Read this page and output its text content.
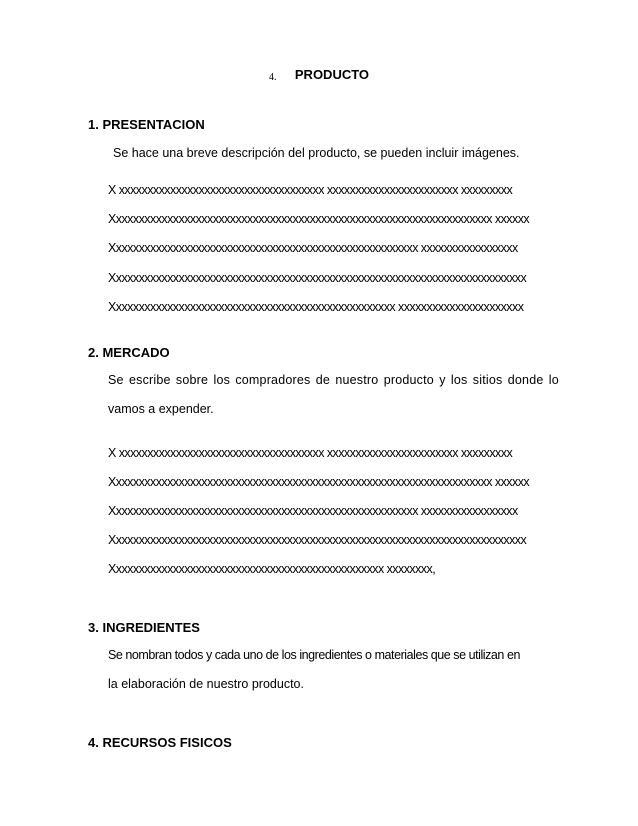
4. PRODUCTO
1. PRESENTACION
Se hace una breve descripción del producto, se pueden incluir imágenes.
X xxxxxxxxxxxxxxxxxxxxxxxxxxxxxxxxxxxx xxxxxxxxxxxxxxxxxxxxxxx xxxxxxxxx
Xxxxxxxxxxxxxxxxxxxxxxxxxxxxxxxxxxxxxxxxxxxxxxxxxxxxxxxxxxxxxxxxxxx xxxxxx
Xxxxxxxxxxxxxxxxxxxxxxxxxxxxxxxxxxxxxxxxxxxxxxxxxxxxxx xxxxxxxxxxxxxxxxx
Xxxxxxxxxxxxxxxxxxxxxxxxxxxxxxxxxxxxxxxxxxxxxxxxxxxxxxxxxxxxxxxxxxxxxxxxx
Xxxxxxxxxxxxxxxxxxxxxxxxxxxxxxxxxxxxxxxxxxxxxxxxxx xxxxxxxxxxxxxxxxxxxxxx
2. MERCADO
Se escribe sobre los compradores de nuestro producto y los sitios donde lo
vamos a expender.
X xxxxxxxxxxxxxxxxxxxxxxxxxxxxxxxxxxxx xxxxxxxxxxxxxxxxxxxxxxx xxxxxxxxx
Xxxxxxxxxxxxxxxxxxxxxxxxxxxxxxxxxxxxxxxxxxxxxxxxxxxxxxxxxxxxxxxxxxx xxxxxx
Xxxxxxxxxxxxxxxxxxxxxxxxxxxxxxxxxxxxxxxxxxxxxxxxxxxxxx xxxxxxxxxxxxxxxxx
Xxxxxxxxxxxxxxxxxxxxxxxxxxxxxxxxxxxxxxxxxxxxxxxxxxxxxxxxxxxxxxxxxxxxxxxxx
Xxxxxxxxxxxxxxxxxxxxxxxxxxxxxxxxxxxxxxxxxxxxxxxx xxxxxxxx,
3. INGREDIENTES
Se nombran todos y cada uno de los ingredientes o materiales que se utilizan en
la elaboración de nuestro producto.
4. RECURSOS FISICOS
